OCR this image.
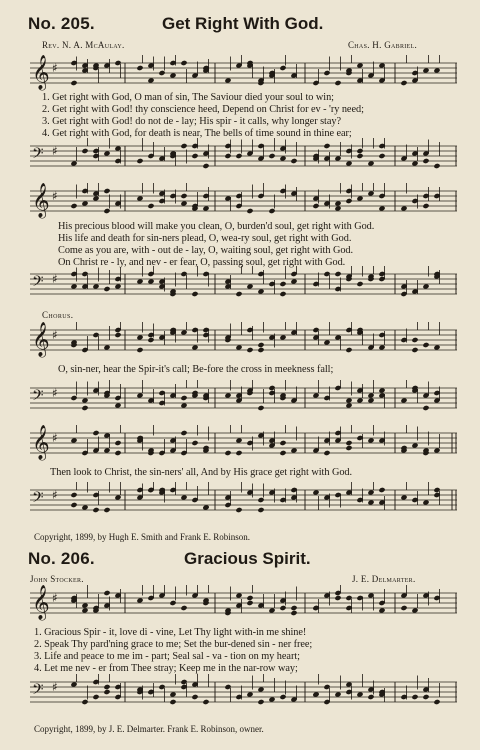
No. 205.	Get Right With God.
Rev. N. A. McAulay.	Chas. H. Gabriel.
𝄞 ♯
1. Get right with God, O man of sin, The Saviour died your soul to win;
2. Get right with God! thy conscience heed, Depend on Christ for ev - 'ry need;
3. Get right with God! do not de - lay; His spir - it calls, why longer stay?
4. Get right with God, for death is near, The bells of time sound in thine ear;
𝄢 ♯
𝄞 ♯
His precious blood will make you clean, O, burden'd soul, get right with God.
His life and death for sin-ners plead, O, wea-ry soul, get right with God.
Come as you are, with - out de - lay, O, waiting soul, get right with God.
On Christ re - ly, and nev - er fear, O, passing soul, get right with God.
𝄢 ♯
Chorus.
𝄞 ♯
O, sin-ner, hear the Spir-it's call; Be-fore the cross in meekness fall;
𝄢 ♯
𝄞 ♯
Then look to Christ, the sin-ners' all, And by His grace get right with God.
𝄢 ♯
Copyright, 1899, by Hugh E. Smith and Frank E. Robinson.
No. 206.	Gracious Spirit.
John Stocker.	J. E. Delmarter.
𝄞 ♯
1. Gracious Spir - it, love di - vine, Let Thy light with-in me shine!
2. Speak Thy pard'ning grace to me; Set the bur-dened sin - ner free;
3. Life and peace to me im - part; Seal sal - va - tion on my heart;
4. Let me nev - er from Thee stray; Keep me in the nar-row way;
𝄢 ♯
Copyright, 1899, by J. E. Delmarter. Frank E. Robinson, owner.
